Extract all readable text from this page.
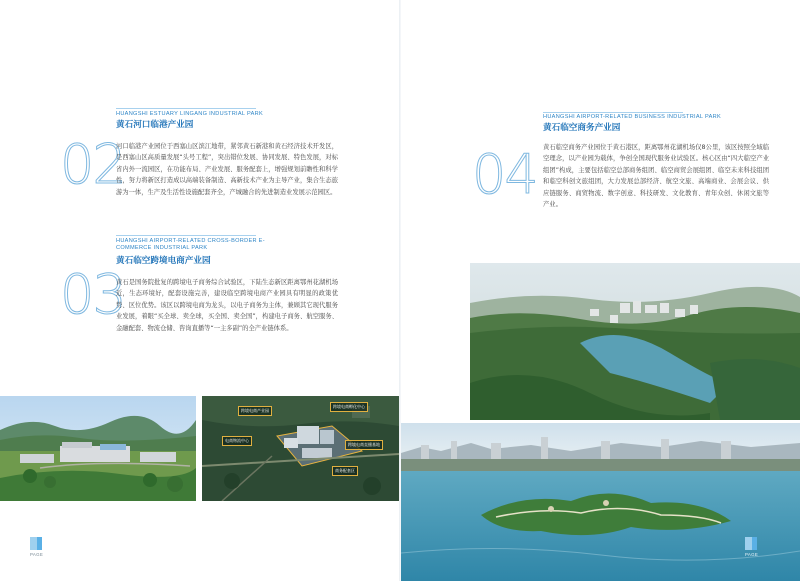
02
HUANGSHI ESTUARY LINGANG INDUSTRIAL PARK
黄石河口临港产业园
河口临港产业园位于西塞山区滨江地带，紧邻黄石新港和黄石经济技术开发区，是西塞山区高质量发展“头号工程”，突出错位发展、协同发展、特色发展，对标省内外一流园区，在功能布局、产业发展、服务配套上，增强规划前瞻性和科学性，努力将新区打造成以高端装备制造、高新技术产业为主导产业，集合生态旅游为一体，生产及生活性设施配套齐全，产城融合的先进制造业发展示范园区。
03
HUANGSHI AIRPORT-RELATED CROSS-BORDER E-COMMERCE INDUSTRIAL PARK
黄石临空跨境电商产业园
黄石是国务院批复的跨境电子商务综合试验区，下陆生态新区距离鄂州花湖机场近，生态环境好，配套设施完善，建设临空跨境电商产业园具有明显的政策优势、区位优势。该区以跨境电商为龙头，以电子商务为主体，兼顾其它现代服务业发展，着眼“买全球、卖全球，买全国、卖全国”，构建电子商务、航空服务、金融配套、物流仓储、咨询直播等“一主多副”的全产业链体系。
跨境电商产业园
跨境电商孵化中心
电商物流中心
跨境电商直播基地
商务配套区
PAGE
04
HUANGSHI AIRPORT-RELATED BUSINESS INDUSTRIAL PARK
黄石临空商务产业园
黄石临空商务产业园位于黄石港区，距离鄂州花湖机场仅8公里，该区按照全域临空理念，以产业园为载体，争创全国现代服务业试验区。核心区由“四大临空产业组团”构成，主要包括临空总部商务组团、临空商贸会展组团、临空未来科技组团和临空科创文旅组团，大力发展总部经济、航空文旅、高端商业、会展会议、供应链服务、商贸物流、数字创意、科技研发、文化教育、青年众创、休闲文旅等产业。
PAGE
